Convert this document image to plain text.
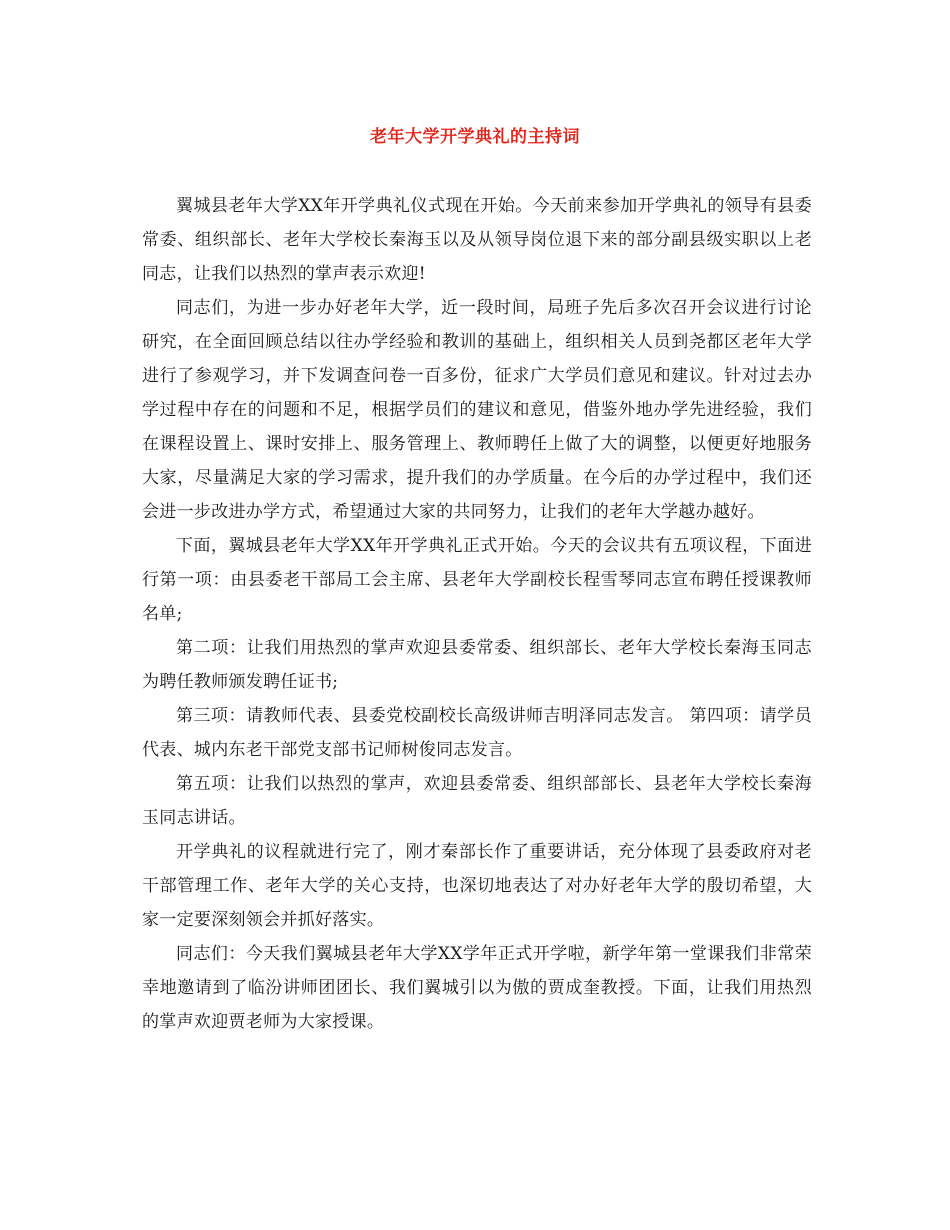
老年大学开学典礼的主持词

翼城县老年大学XX年开学典礼仪式现在开始。今天前来参加开学典礼的领导有县委常委、组织部长、老年大学校长秦海玉以及从领导岗位退下来的部分副县级实职以上老同志，让我们以热烈的掌声表示欢迎!

同志们，为进一步办好老年大学，近一段时间，局班子先后多次召开会议进行讨论研究，在全面回顾总结以往办学经验和教训的基础上，组织相关人员到尧都区老年大学进行了参观学习，并下发调查问卷一百多份，征求广大学员们意见和建议。针对过去办学过程中存在的问题和不足，根据学员们的建议和意见，借鉴外地办学先进经验，我们在课程设置上、课时安排上、服务管理上、教师聘任上做了大的调整，以便更好地服务大家，尽量满足大家的学习需求，提升我们的办学质量。在今后的办学过程中，我们还会进一步改进办学方式，希望通过大家的共同努力，让我们的老年大学越办越好。

下面，翼城县老年大学XX年开学典礼正式开始。今天的会议共有五项议程，下面进行第一项：由县委老干部局工会主席、县老年大学副校长程雪琴同志宣布聘任授课教师名单;

第二项：让我们用热烈的掌声欢迎县委常委、组织部长、老年大学校长秦海玉同志为聘任教师颁发聘任证书;

第三项：请教师代表、县委党校副校长高级讲师吉明泽同志发言。 第四项：请学员代表、城内东老干部党支部书记师树俊同志发言。

第五项：让我们以热烈的掌声，欢迎县委常委、组织部部长、县老年大学校长秦海玉同志讲话。

开学典礼的议程就进行完了，刚才秦部长作了重要讲话，充分体现了县委政府对老干部管理工作、老年大学的关心支持，也深切地表达了对办好老年大学的殷切希望，大家一定要深刻领会并抓好落实。

同志们：今天我们翼城县老年大学XX学年正式开学啦，新学年第一堂课我们非常荣幸地邀请到了临汾讲师团团长、我们翼城引以为傲的贾成奎教授。下面，让我们用热烈的掌声欢迎贾老师为大家授课。
